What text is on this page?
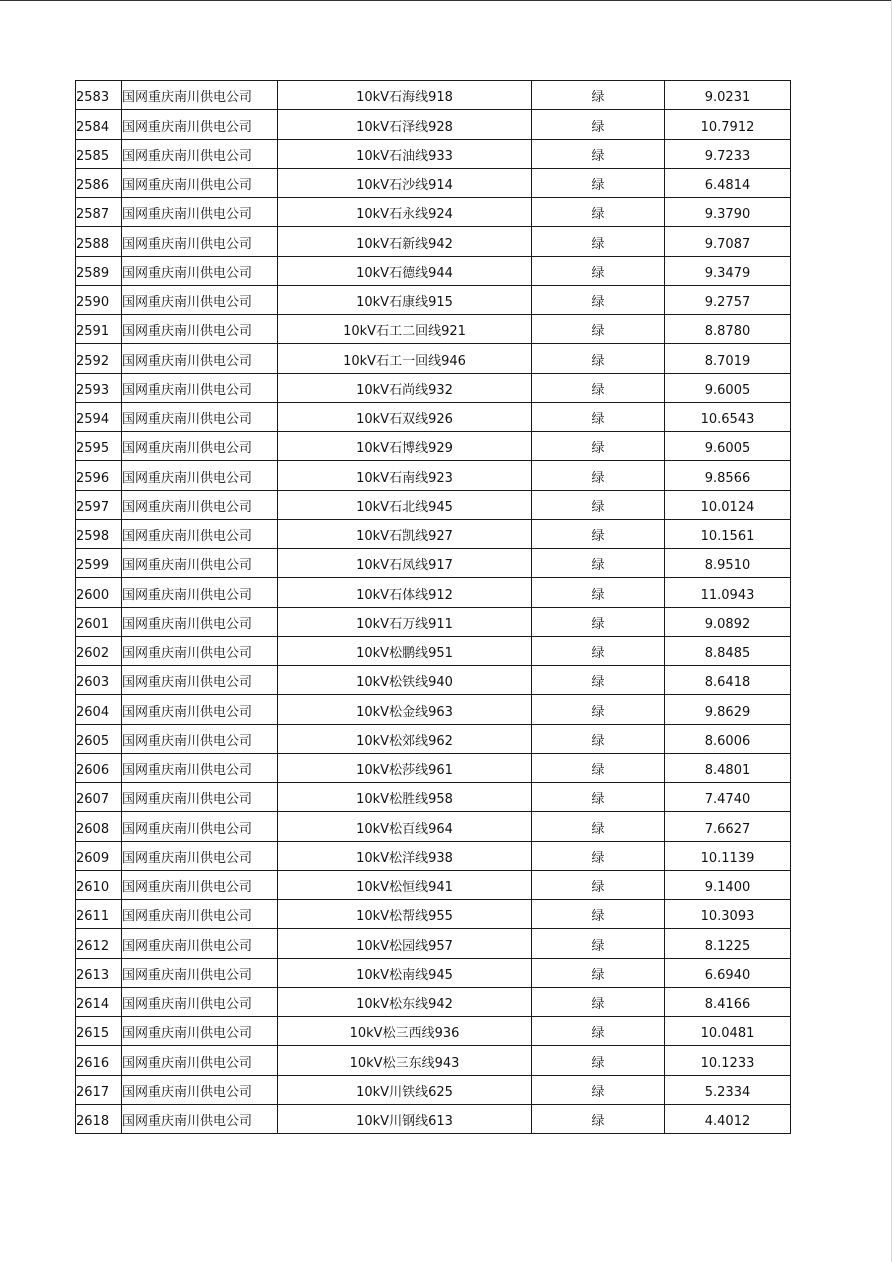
2583	国网重庆南川供电公司	10kV石海线918	绿	9.0231
2584	国网重庆南川供电公司	10kV石泽线928	绿	10.7912
2585	国网重庆南川供电公司	10kV石油线933	绿	9.7233
2586	国网重庆南川供电公司	10kV石沙线914	绿	6.4814
2587	国网重庆南川供电公司	10kV石永线924	绿	9.3790
2588	国网重庆南川供电公司	10kV石新线942	绿	9.7087
2589	国网重庆南川供电公司	10kV石德线944	绿	9.3479
2590	国网重庆南川供电公司	10kV石康线915	绿	9.2757
2591	国网重庆南川供电公司	10kV石工二回线921	绿	8.8780
2592	国网重庆南川供电公司	10kV石工一回线946	绿	8.7019
2593	国网重庆南川供电公司	10kV石尚线932	绿	9.6005
2594	国网重庆南川供电公司	10kV石双线926	绿	10.6543
2595	国网重庆南川供电公司	10kV石博线929	绿	9.6005
2596	国网重庆南川供电公司	10kV石南线923	绿	9.8566
2597	国网重庆南川供电公司	10kV石北线945	绿	10.0124
2598	国网重庆南川供电公司	10kV石凯线927	绿	10.1561
2599	国网重庆南川供电公司	10kV石凤线917	绿	8.9510
2600	国网重庆南川供电公司	10kV石体线912	绿	11.0943
2601	国网重庆南川供电公司	10kV石万线911	绿	9.0892
2602	国网重庆南川供电公司	10kV松鹏线951	绿	8.8485
2603	国网重庆南川供电公司	10kV松铁线940	绿	8.6418
2604	国网重庆南川供电公司	10kV松金线963	绿	9.8629
2605	国网重庆南川供电公司	10kV松郊线962	绿	8.6006
2606	国网重庆南川供电公司	10kV松莎线961	绿	8.4801
2607	国网重庆南川供电公司	10kV松胜线958	绿	7.4740
2608	国网重庆南川供电公司	10kV松百线964	绿	7.6627
2609	国网重庆南川供电公司	10kV松洋线938	绿	10.1139
2610	国网重庆南川供电公司	10kV松恒线941	绿	9.1400
2611	国网重庆南川供电公司	10kV松帮线955	绿	10.3093
2612	国网重庆南川供电公司	10kV松园线957	绿	8.1225
2613	国网重庆南川供电公司	10kV松南线945	绿	6.6940
2614	国网重庆南川供电公司	10kV松东线942	绿	8.4166
2615	国网重庆南川供电公司	10kV松三西线936	绿	10.0481
2616	国网重庆南川供电公司	10kV松三东线943	绿	10.1233
2617	国网重庆南川供电公司	10kV川铁线625	绿	5.2334
2618	国网重庆南川供电公司	10kV川钢线613	绿	4.4012
